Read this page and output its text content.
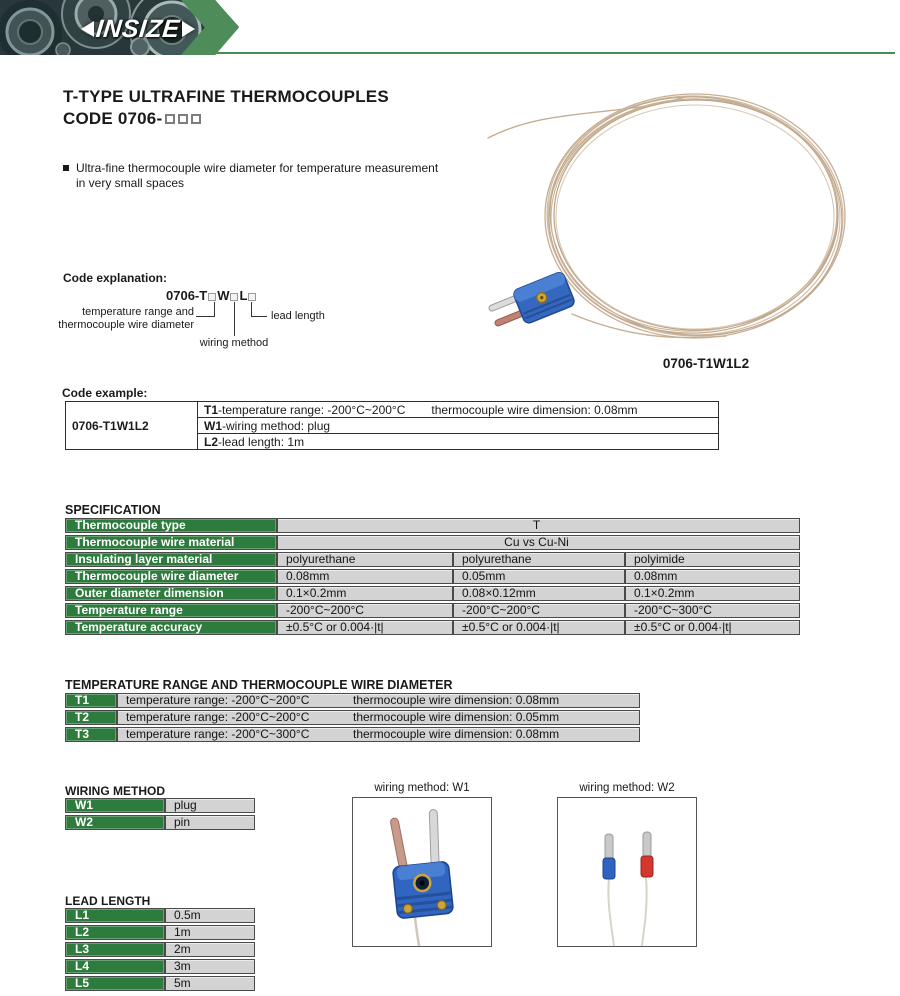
INSIZE
T-TYPE ULTRAFINE THERMOCOUPLES
CODE 0706-
Ultra-fine thermocouple wire diameter for temperature measurement in very small spaces
Code explanation:
0706-T W L
temperature range and
thermocouple wire diameter
wiring method
lead length
0706-T1W1L2
Code example:
0706-T1W1L2	T1-temperature range: -200°C~200°C thermocouple wire dimension: 0.08mm
W1-wiring method: plug
L2-lead length: 1m
SPECIFICATION
Thermocouple type	T		
Thermocouple wire material	Cu vs Cu-Ni		
Insulating layer material	polyurethane	polyurethane	polyimide
Thermocouple wire diameter	0.08mm	0.05mm	0.08mm
Outer diameter dimension	0.1×0.2mm	0.08×0.12mm	0.1×0.2mm
Temperature range	-200°C~200°C	-200°C~200°C	-200°C~300°C
Temperature accuracy	±0.5°C or 0.004·|t|	±0.5°C or 0.004·|t|	±0.5°C or 0.004·|t|
TEMPERATURE RANGE AND THERMOCOUPLE WIRE DIAMETER
T1	temperature range: -200°C~200°C thermocouple wire dimension: 0.08mm
T2	temperature range: -200°C~200°C thermocouple wire dimension: 0.05mm
T3	temperature range: -200°C~300°C thermocouple wire dimension: 0.08mm
WIRING METHOD
W1	plug
W2	pin
wiring method: W1	wiring method: W2
LEAD LENGTH
L1	0.5m
L2	1m
L3	2m
L4	3m
L5	5m
